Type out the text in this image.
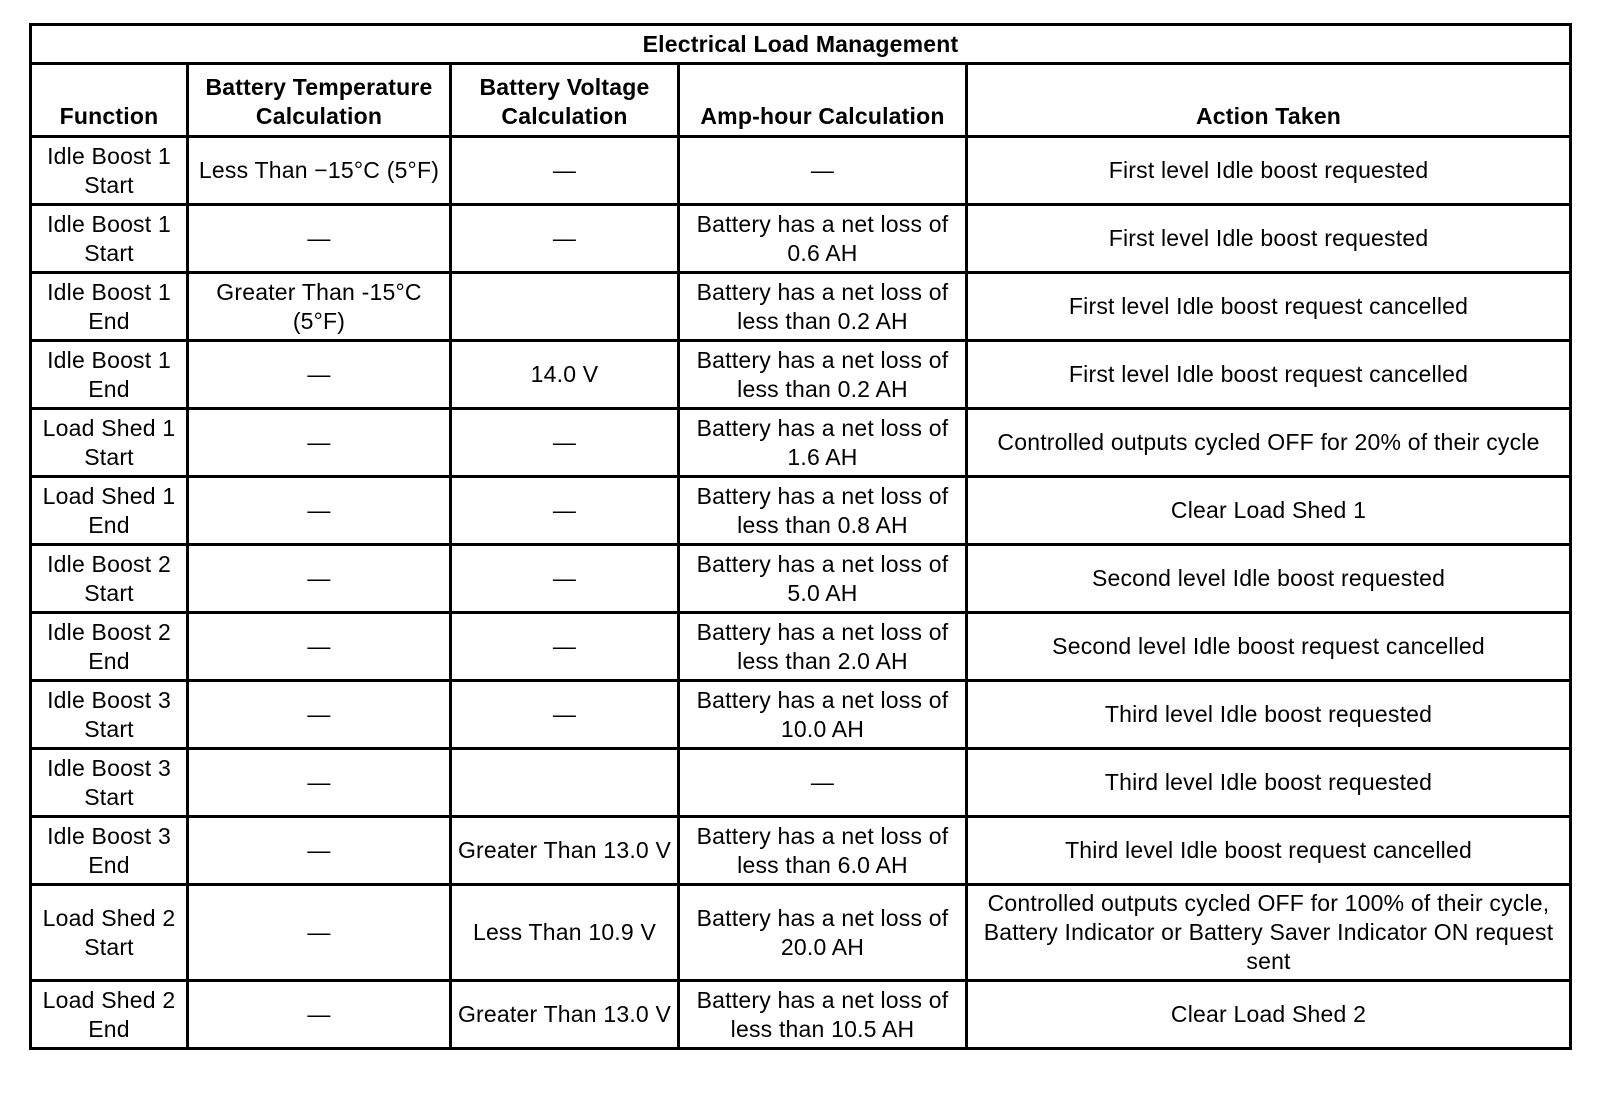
Electrical Load Management				
Function	Battery Temperature Calculation	Battery Voltage Calculation	Amp-hour Calculation	Action Taken
Idle Boost 1 Start	Less Than −15°C (5°F)	—	—	First level Idle boost requested
Idle Boost 1 Start	—	—	Battery has a net loss of 0.6 AH	First level Idle boost requested
Idle Boost 1 End	Greater Than -15°C (5°F)		Battery has a net loss of less than 0.2 AH	First level Idle boost request cancelled
Idle Boost 1 End	—	14.0 V	Battery has a net loss of less than 0.2 AH	First level Idle boost request cancelled
Load Shed 1 Start	—	—	Battery has a net loss of 1.6 AH	Controlled outputs cycled OFF for 20% of their cycle
Load Shed 1 End	—	—	Battery has a net loss of less than 0.8 AH	Clear Load Shed 1
Idle Boost 2 Start	—	—	Battery has a net loss of 5.0 AH	Second level Idle boost requested
Idle Boost 2 End	—	—	Battery has a net loss of less than 2.0 AH	Second level Idle boost request cancelled
Idle Boost 3 Start	—	—	Battery has a net loss of 10.0 AH	Third level Idle boost requested
Idle Boost 3 Start	—		—	Third level Idle boost requested
Idle Boost 3 End	—	Greater Than 13.0 V	Battery has a net loss of less than 6.0 AH	Third level Idle boost request cancelled
Load Shed 2 Start	—	Less Than 10.9 V	Battery has a net loss of 20.0 AH	Controlled outputs cycled OFF for 100% of their cycle, Battery Indicator or Battery Saver Indicator ON request sent
Load Shed 2 End	—	Greater Than 13.0 V	Battery has a net loss of less than 10.5 AH	Clear Load Shed 2
